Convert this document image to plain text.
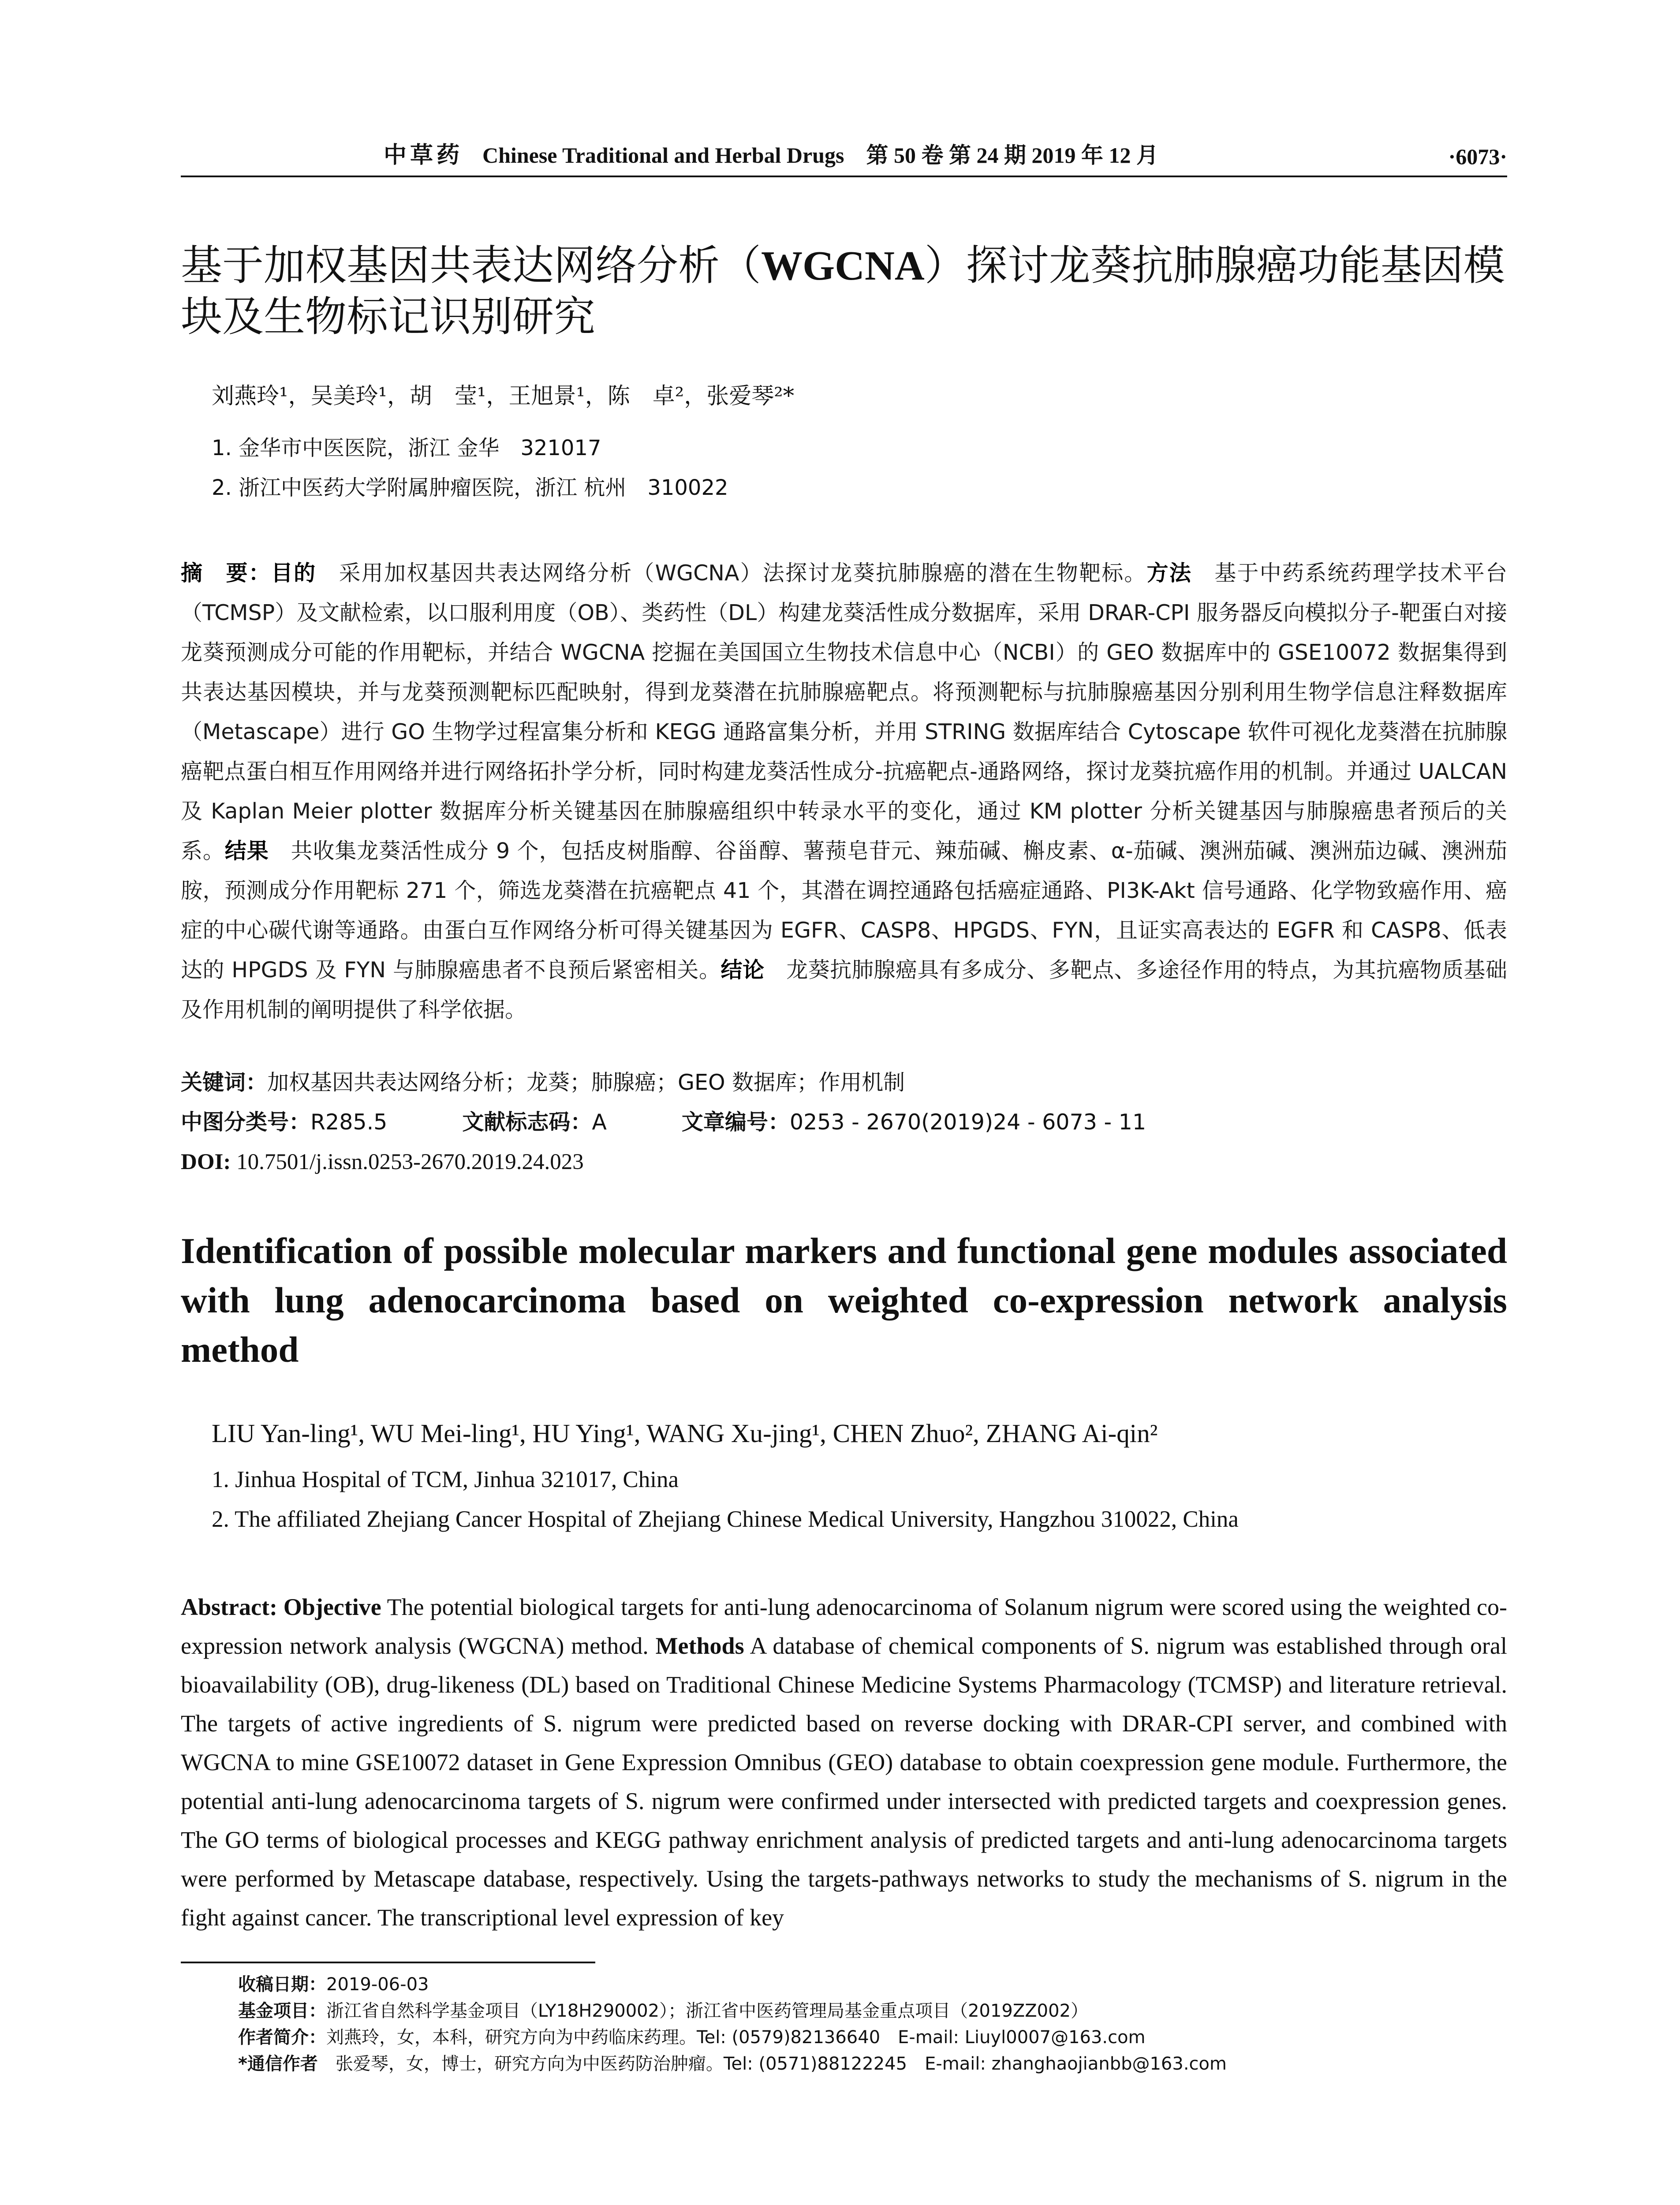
中草药 Chinese Traditional and Herbal Drugs　第 50 卷 第 24 期 2019 年 12 月	·6073·
基于加权基因共表达网络分析（WGCNA）探讨龙葵抗肺腺癌功能基因模块及生物标记识别研究
刘燕玲¹，吴美玲¹，胡　莹¹，王旭景¹，陈　卓²，张爱琴²*
1. 金华市中医医院，浙江 金华　321017
2. 浙江中医药大学附属肿瘤医院，浙江 杭州　310022
摘　要：目的　采用加权基因共表达网络分析（WGCNA）法探讨龙葵抗肺腺癌的潜在生物靶标。方法　基于中药系统药理学技术平台（TCMSP）及文献检索，以口服利用度（OB）、类药性（DL）构建龙葵活性成分数据库，采用 DRAR-CPI 服务器反向模拟分子-靶蛋白对接龙葵预测成分可能的作用靶标，并结合 WGCNA 挖掘在美国国立生物技术信息中心（NCBI）的 GEO 数据库中的 GSE10072 数据集得到共表达基因模块，并与龙葵预测靶标匹配映射，得到龙葵潜在抗肺腺癌靶点。将预测靶标与抗肺腺癌基因分别利用生物学信息注释数据库（Metascape）进行 GO 生物学过程富集分析和 KEGG 通路富集分析，并用 STRING 数据库结合 Cytoscape 软件可视化龙葵潜在抗肺腺癌靶点蛋白相互作用网络并进行网络拓扑学分析，同时构建龙葵活性成分-抗癌靶点-通路网络，探讨龙葵抗癌作用的机制。并通过 UALCAN 及 Kaplan Meier plotter 数据库分析关键基因在肺腺癌组织中转录水平的变化，通过 KM plotter 分析关键基因与肺腺癌患者预后的关系。结果　共收集龙葵活性成分 9 个，包括皮树脂醇、谷甾醇、薯蓣皂苷元、辣茄碱、槲皮素、α-茄碱、澳洲茄碱、澳洲茄边碱、澳洲茄胺，预测成分作用靶标 271 个，筛选龙葵潜在抗癌靶点 41 个，其潜在调控通路包括癌症通路、PI3K-Akt 信号通路、化学物致癌作用、癌症的中心碳代谢等通路。由蛋白互作网络分析可得关键基因为 EGFR、CASP8、HPGDS、FYN，且证实高表达的 EGFR 和 CASP8、低表达的 HPGDS 及 FYN 与肺腺癌患者不良预后紧密相关。结论　龙葵抗肺腺癌具有多成分、多靶点、多途径作用的特点，为其抗癌物质基础及作用机制的阐明提供了科学依据。
关键词：加权基因共表达网络分析；龙葵；肺腺癌；GEO 数据库；作用机制
中图分类号：R285.5	文献标志码：A	文章编号：0253 - 2670(2019)24 - 6073 - 11
DOI: 10.7501/j.issn.0253-2670.2019.24.023
Identification of possible molecular markers and functional gene modules associated with lung adenocarcinoma based on weighted co-expression network analysis method
LIU Yan-ling¹, WU Mei-ling¹, HU Ying¹, WANG Xu-jing¹, CHEN Zhuo², ZHANG Ai-qin²
1. Jinhua Hospital of TCM, Jinhua 321017, China
2. The affiliated Zhejiang Cancer Hospital of Zhejiang Chinese Medical University, Hangzhou 310022, China
Abstract: Objective The potential biological targets for anti-lung adenocarcinoma of Solanum nigrum were scored using the weighted co-expression network analysis (WGCNA) method. Methods A database of chemical components of S. nigrum was established through oral bioavailability (OB), drug-likeness (DL) based on Traditional Chinese Medicine Systems Pharmacology (TCMSP) and literature retrieval. The targets of active ingredients of S. nigrum were predicted based on reverse docking with DRAR-CPI server, and combined with WGCNA to mine GSE10072 dataset in Gene Expression Omnibus (GEO) database to obtain coexpression gene module. Furthermore, the potential anti-lung adenocarcinoma targets of S. nigrum were confirmed under intersected with predicted targets and coexpression genes. The GO terms of biological processes and KEGG pathway enrichment analysis of predicted targets and anti-lung adenocarcinoma targets were performed by Metascape database, respectively. Using the targets-pathways networks to study the mechanisms of S. nigrum in the fight against cancer. The transcriptional level expression of key
收稿日期：2019-06-03
基金项目：浙江省自然科学基金项目（LY18H290002）；浙江省中医药管理局基金重点项目（2019ZZ002）
作者简介：刘燕玲，女，本科，研究方向为中药临床药理。Tel: (0579)82136640　E-mail: Liuyl0007@163.com
*通信作者　张爱琴，女，博士，研究方向为中医药防治肿瘤。Tel: (0571)88122245　E-mail: zhanghaojianbb@163.com
